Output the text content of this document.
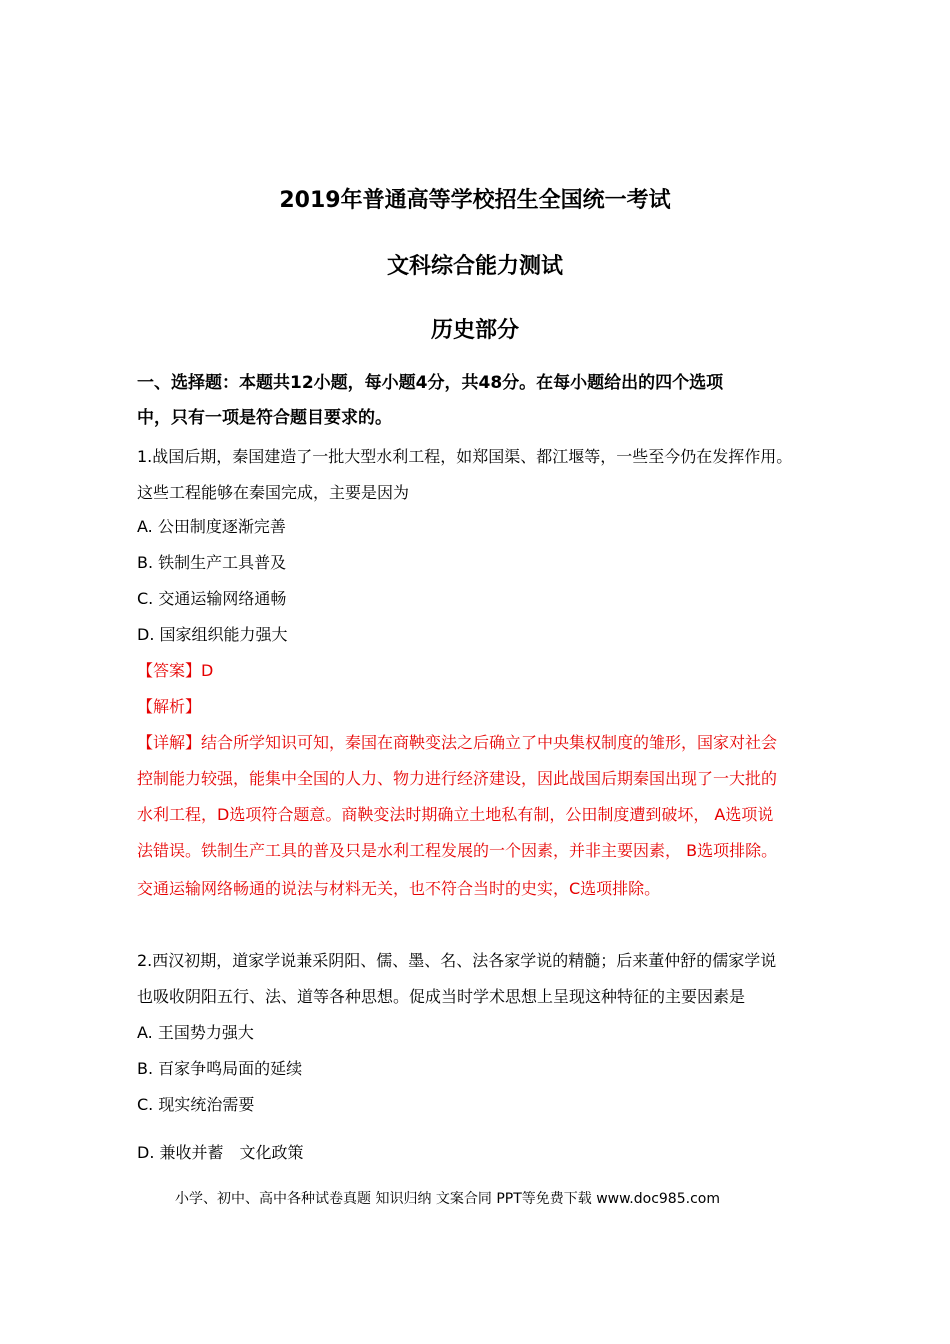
2019年普通高等学校招生全国统一考试
文科综合能力测试
历史部分
一、选择题：本题共12小题，每小题4分，共48分。在每小题给出的四个选项
中，只有一项是符合题目要求的。
1.战国后期，秦国建造了一批大型水利工程，如郑国渠、都江堰等，一些至今仍在发挥作用。
这些工程能够在秦国完成，主要是因为
A. 公田制度逐渐完善
B. 铁制生产工具普及
C. 交通运输网络通畅
D. 国家组织能力强大
【答案】D
【解析】
【详解】结合所学知识可知，秦国在商鞅变法之后确立了中央集权制度的雏形，国家对社会
控制能力较强，能集中全国的人力、物力进行经济建设，因此战国后期秦国出现了一大批的
水利工程，D选项符合题意。商鞅变法时期确立土地私有制，公田制度遭到破坏， A选项说
法错误。铁制生产工具的普及只是水利工程发展的一个因素，并非主要因素， B选项排除。
交通运输网络畅通的说法与材料无关，也不符合当时的史实，C选项排除。
2.西汉初期，道家学说兼采阴阳、儒、墨、名、法各家学说的精髓；后来董仲舒的儒家学说
也吸收阴阳五行、法、道等各种思想。促成当时学术思想上呈现这种特征的主要因素是
A. 王国势力强大
B. 百家争鸣局面的延续
C. 现实统治需要
D. 兼收并蓄　文化政策
小学、初中、高中各种试卷真题 知识归纳 文案合同 PPT等免费下载 www.doc985.com
